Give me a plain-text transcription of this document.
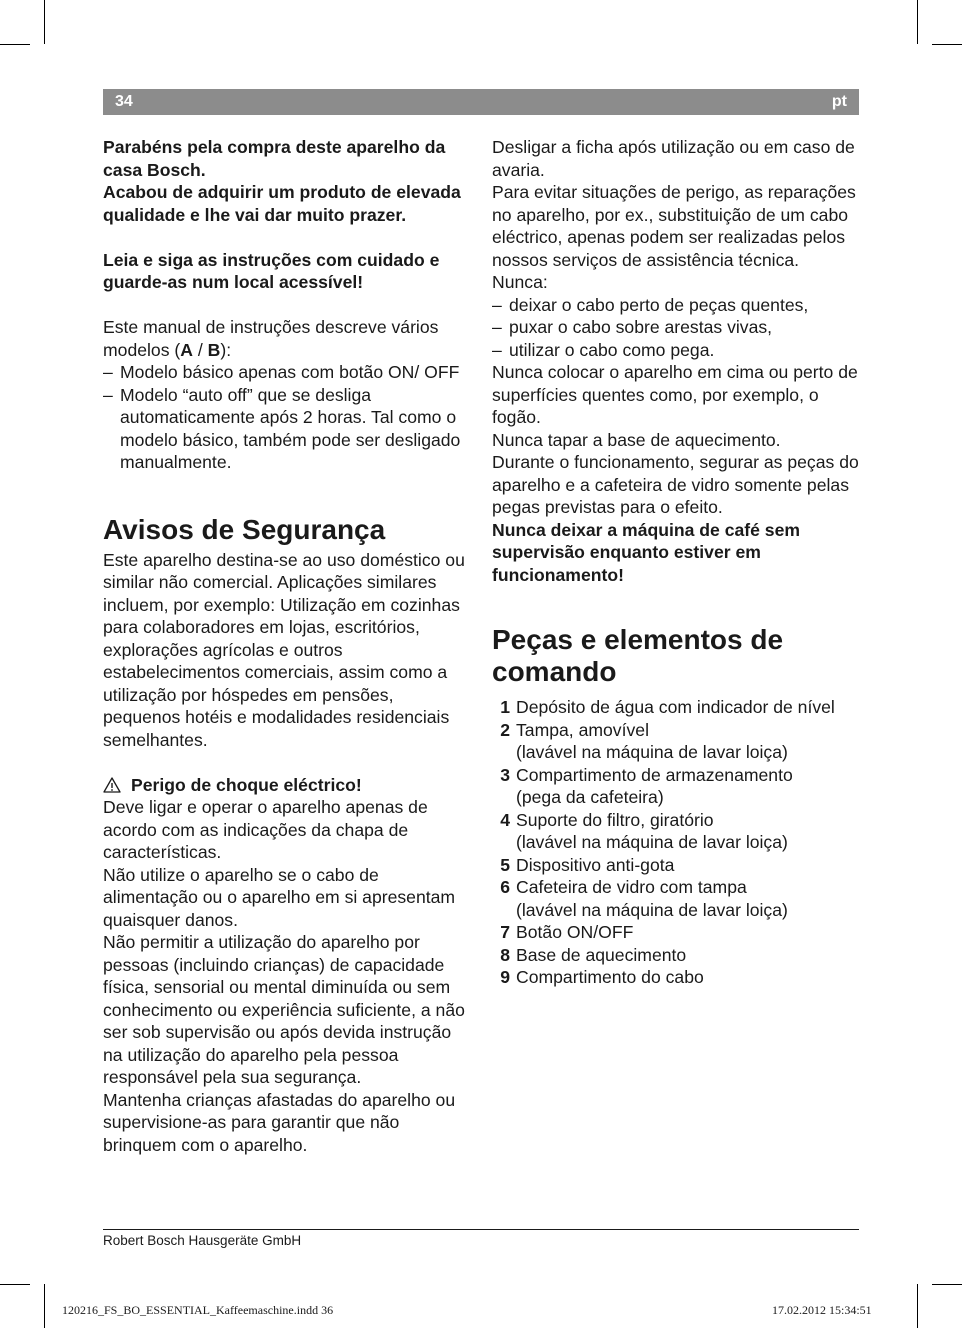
34	pt

Parabéns pela compra deste aparelho da casa Bosch.

Acabou de adquirir um produto de elevada qualidade e lhe vai dar muito prazer.

Leia e siga as instruções com cuidado e guarde-as num local acessível!

Este manual de instruções descreve vários modelos (A / B):

– Modelo básico apenas com botão ON/ OFF
– Modelo “auto off” que se desliga automaticamente após 2 horas. Tal como o modelo básico, também pode ser desligado manualmente.
Avisos de Segurança

Este aparelho destina-se ao uso doméstico ou similar não comercial. Aplicações similares incluem, por exemplo: Utilização em cozinhas para colaboradores em lojas, escritórios, explorações agrícolas e outros estabelecimentos comerciais, assim como a utilização por hóspedes em pensões, pequenos hotéis e modalidades residenciais semelhantes.

Perigo de choque eléctrico!

Deve ligar e operar o aparelho apenas de acordo com as indicações da chapa de características.

Não utilize o aparelho se o cabo de alimentação ou o aparelho em si apresentam quaisquer danos.

Não permitir a utilização do aparelho por pessoas (incluindo crianças) de capacidade física, sensorial ou mental diminuída ou sem conhecimento ou experiência suficiente, a não ser sob supervisão ou após devida instrução na utilização do aparelho pela pessoa responsável pela sua segurança.

Mantenha crianças afastadas do aparelho ou supervisione-as para garantir que não brinquem com o aparelho.

Desligar a ficha após utilização ou em caso de avaria.

Para evitar situações de perigo, as reparações no aparelho, por ex., substituição de um cabo eléctrico, apenas podem ser realizadas pelos nossos serviços de assistência técnica.

Nunca:

– deixar o cabo perto de peças quentes,
– puxar o cabo sobre arestas vivas,
– utilizar o cabo como pega.

Nunca colocar o aparelho em cima ou perto de superfícies quentes como, por exemplo, o fogão.

Nunca tapar a base de aquecimento.

Durante o funcionamento, segurar as peças do aparelho e a cafeteira de vidro somente pelas pegas previstas para o efeito.

Nunca deixar a máquina de café sem supervisão enquanto estiver em funcionamento!

Peças e elementos de
comando
1 Depósito de água com indicador de nível
2 Tampa, amovível
(lavável na máquina de lavar loiça)
3 Compartimento de armazenamento
(pega da cafeteira)
4 Suporte do filtro, giratório
(lavável na máquina de lavar loiça)
5 Dispositivo anti-gota
6 Cafeteira de vidro com tampa
(lavável na máquina de lavar loiça)
7 Botão ON/OFF
8 Base de aquecimento
9 Compartimento do cabo
Robert Bosch Hausgeräte GmbH
120216_FS_BO_ESSENTIAL_Kaffeemaschine.indd 36	17.02.2012 15:34:51
